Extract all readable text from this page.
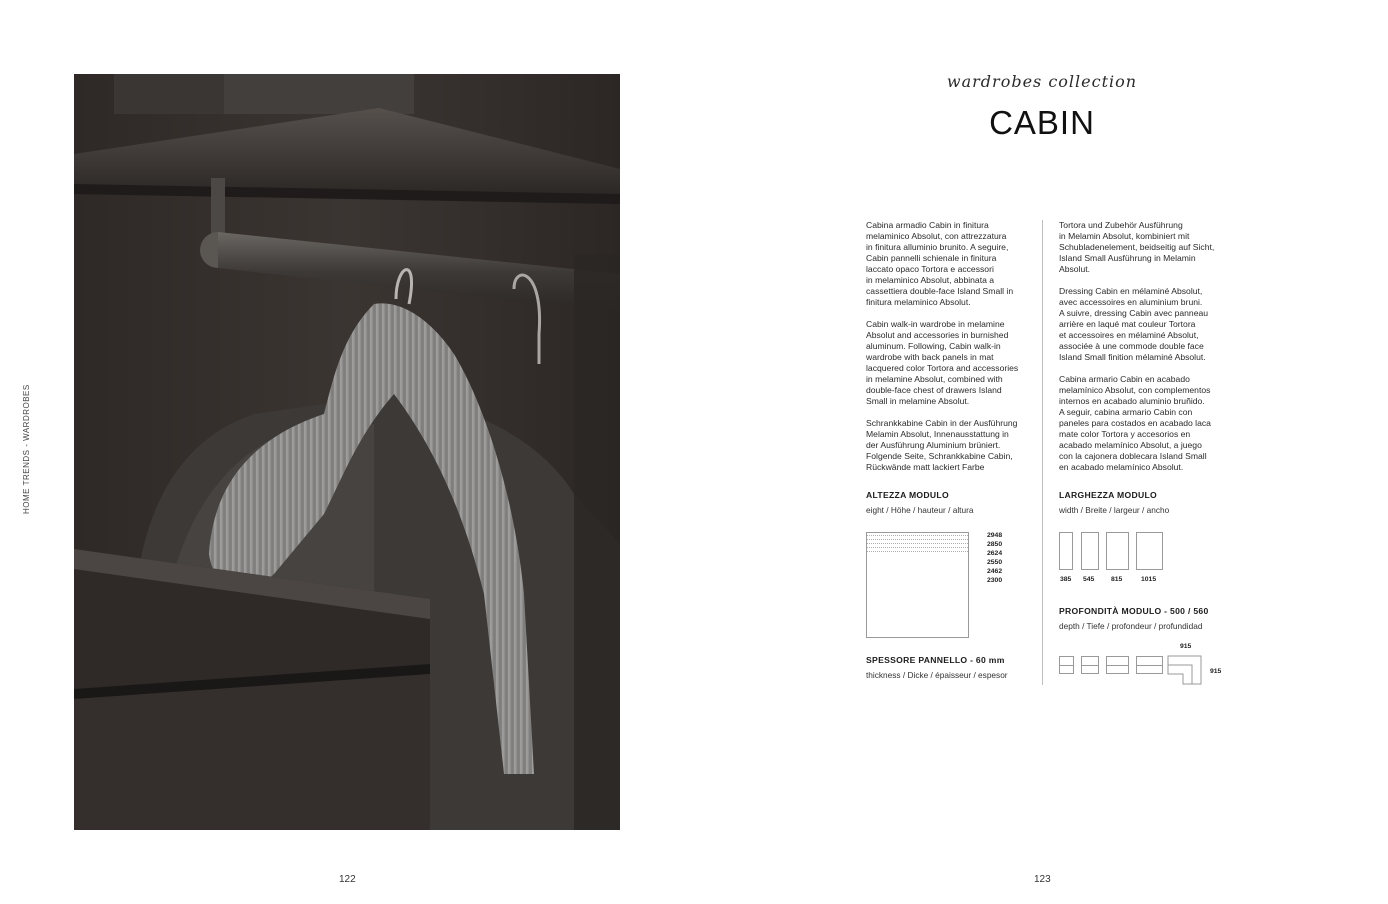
HOME TRENDS - WARDROBES
122
wardrobes collection
CABIN

Cabina armadio Cabin in finitura
melaminico Absolut, con attrezzatura
in finitura alluminio brunito. A seguire,
Cabin pannelli schienale in finitura
laccato opaco Tortora e accessori
in melaminico Absolut, abbinata a
cassettiera double-face Island Small in
finitura melaminico Absolut.

Cabin walk-in wardrobe in melamine
Absolut and accessories in burnished
aluminum. Following, Cabin walk-in
wardrobe with back panels in mat
lacquered color Tortora and accessories
in melamine Absolut, combined with
double-face chest of drawers Island
Small in melamine Absolut.

Schrankkabine Cabin in der Ausführung
Melamin Absolut, Innenausstattung in
der Ausführung Aluminium brüniert.
Folgende Seite, Schrankkabine Cabin,
Rückwände matt lackiert Farbe

Tortora und Zubehör Ausführung
in Melamin Absolut, kombiniert mit
Schubladenelement, beidseitig auf Sicht,
Island Small Ausführung in Melamin
Absolut.

Dressing Cabin en mélaminé Absolut,
avec accessoires en aluminium bruni.
A suivre, dressing Cabin avec panneau
arrière en laqué mat couleur Tortora
et accessoires en mélaminé Absolut,
associée à une commode double face
Island Small finition mélaminé Absolut.

Cabina armario Cabin en acabado
melamínico Absolut, con complementos
internos en acabado aluminio bruñido.
A seguir, cabina armario Cabin con
paneles para costados en acabado laca
mate color Tortora y accesorios en
acabado melamínico Absolut, a juego
con la cajonera doblecara Island Small
en acabado melamínico Absolut.

ALTEZZA MODULO
eight / Höhe / hauteur / altura
2948
2850
2624
2550
2462
2300
SPESSORE PANNELLO - 60 mm
thickness / Dicke / épaisseur / espesor
LARGHEZZA MODULO
width / Breite / largeur / ancho
385 545 815	1015
PROFONDITÀ MODULO - 500 / 560
depth / Tiefe / profondeur / profundidad
915
915
123
